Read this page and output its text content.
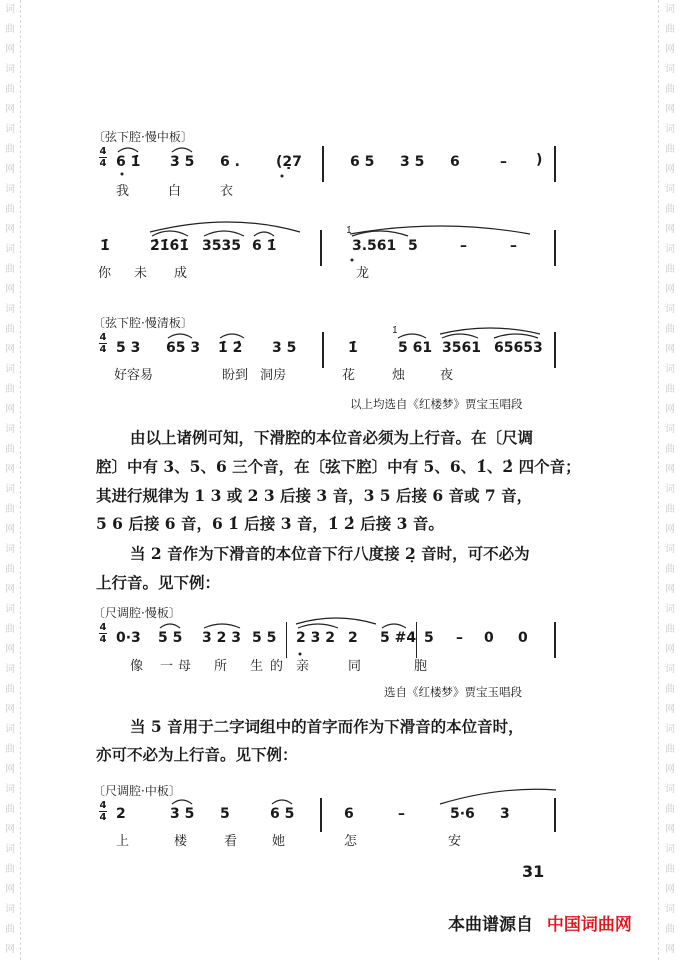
词
曲
网
词
曲
网
词
曲
网
词
曲
网
词
曲
网
词
曲
网
词
曲
网
词
曲
网
词
曲
网
词
曲
网
词
曲
网
词
曲
网
词
曲
网
词
曲
网
词
曲
网
词
曲
网
词
曲
网
词
曲
网
词
曲
网
词
曲
网
词
曲
网
词
曲
网
词
曲
网
词
曲
网
词
曲
网
词
曲
网
词
曲
网
词
曲
网
词
曲
网
词
曲
网
词
曲
网
词
曲
网
〔弦下腔·慢中板〕
4
4 6 1̇ 3 5 6 .	(2̣7	6 5 3 5 6	– )
我	白	衣
1̇	2̇1̇6̇1̇ 3535 6 1̇
1̇
3.561 5	–	–
你 未 成	龙
〔弦下腔·慢清板〕
4
4 5 3 65 3 1̇ 2̇ 3 5	1̇
1̇
5 61 3561 65653
好容易	盼到 洞房	花	烛	夜
以上均选自《红楼梦》贾宝玉唱段
由以上诸例可知，下滑腔的本位音必须为上行音。在〔尺调
腔〕中有 3、5、6 三个音，在〔弦下腔〕中有 5、6、1̇、2̇ 四个音；
其进行规律为 1 3 或 2 3 后接 3 音，3 5 后接 6 音或 7 音，
5 6 后接 6 音，6 1̇ 后接 3 音，1̇ 2̇ 后接 3 音。
当 2 音作为下滑音的本位音下行八度接 2̣ 音时，可不必为
上行音。见下例：
〔尺调腔·慢板〕
4
4 0·3 5 5 3 2 3 5 5 2 3 2 2 5 #4 5 – 0 0
像 一 母 所 生 的 亲	同	胞
选自《红楼梦》贾宝玉唱段
当 5 音用于二字词组中的首字而作为下滑音的本位音时，
亦可不必为上行音。见下例：
〔尺调腔·中板〕
4
4 2	3 5 5	6 5	6	–	5·6 3
上	楼	看	她	怎	安
31
本曲谱源自 中国词曲网
